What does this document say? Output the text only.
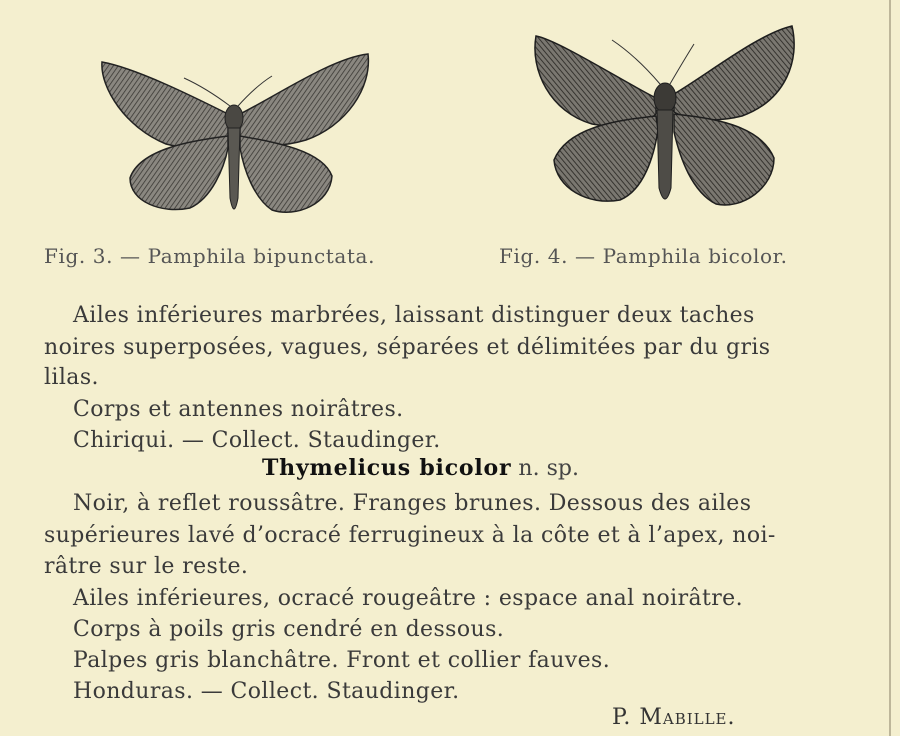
Fig. 3. — Pamphila bipunctata.	Fig. 4. — Pamphila bicolor.
Ailes inférieures marbrées, laissant distinguer deux taches
noires superposées, vagues, séparées et délimitées par du gris
lilas.
Corps et antennes noirâtres.
Chiriqui. — Collect. Staudinger.
Thymelicus bicolor n. sp.
Noir, à reflet roussâtre. Franges brunes. Dessous des ailes
supérieures lavé d’ocracé ferrugineux à la côte et à l’apex, noi-
râtre sur le reste.
Ailes inférieures, ocracé rougeâtre : espace anal noirâtre.
Corps à poils gris cendré en dessous.
Palpes gris blanchâtre. Front et collier fauves.
Honduras. — Collect. Staudinger.
P. Mabille.
